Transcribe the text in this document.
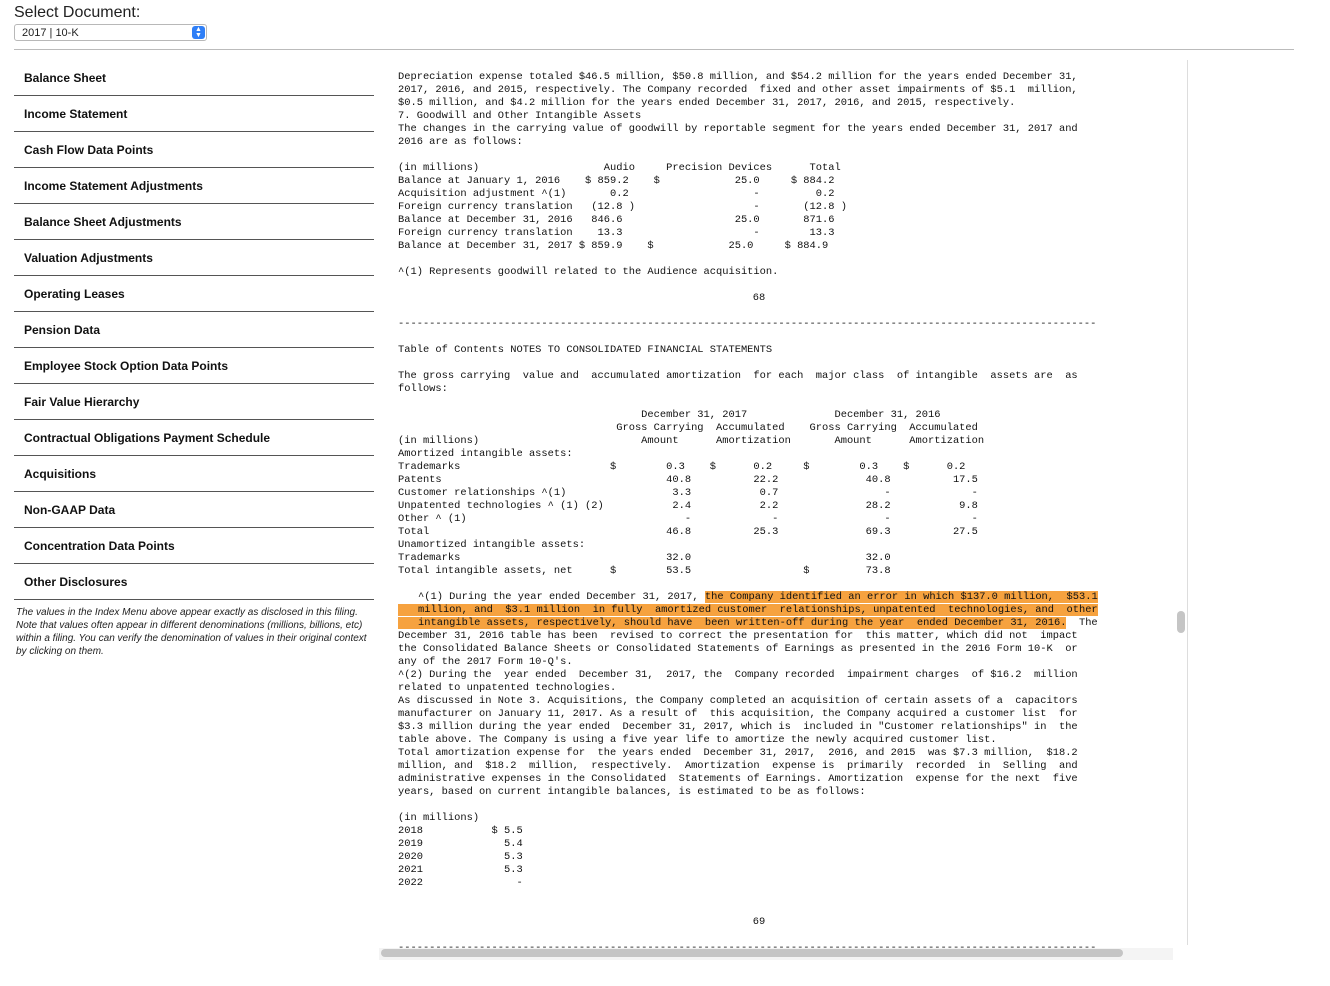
Select Document:
2017 | 10-K	▲
▼
Balance Sheet
Income Statement
Cash Flow Data Points
Income Statement Adjustments
Balance Sheet Adjustments
Valuation Adjustments
Operating Leases
Pension Data
Employee Stock Option Data Points
Fair Value Hierarchy
Contractual Obligations Payment Schedule
Acquisitions
Non-GAAP Data
Concentration Data Points
Other Disclosures
The values in the Index Menu above appear exactly as disclosed in this filing. Note that values often appear in different denominations (millions, billions, etc) within a filing. You can verify the denomination of values in their original context by clicking on them.

Depreciation expense totaled $46.5 million, $50.8 million, and $54.2 million for the years ended December 31,

2017, 2016, and 2015, respectively. The Company recorded  fixed and other asset impairments of $5.1  million,

$0.5 million, and $4.2 million for the years ended December 31, 2017, 2016, and 2015, respectively.

7. Goodwill and Other Intangible Assets

The changes in the carrying value of goodwill by reportable segment for the years ended December 31, 2017 and

2016 are as follows:

(in millions)                    Audio     Precision Devices      Total

Balance at January 1, 2016    $ 859.2    $            25.0     $ 884.2

Acquisition adjustment ^(1)       0.2                    -         0.2

Foreign currency translation   (12.8 )                   -       (12.8 )

Balance at December 31, 2016   846.6                  25.0       871.6

Foreign currency translation    13.3                     -        13.3

Balance at December 31, 2017 $ 859.9    $            25.0     $ 884.9

^(1) Represents goodwill related to the Audience acquisition.

68

----------------------------------------------------------------------------------------------------------------

Table of Contents NOTES TO CONSOLIDATED FINANCIAL STATEMENTS

The gross carrying  value and  accumulated amortization  for each  major class  of intangible  assets are  as

follows:

December 31, 2017              December 31, 2016

Gross Carrying  Accumulated    Gross Carrying  Accumulated

(in millions)                          Amount      Amortization       Amount      Amortization

Amortized intangible assets:

Trademarks                        $        0.3    $      0.2     $        0.3    $      0.2

Patents                                    40.8          22.2              40.8          17.5

Customer relationships ^(1)                 3.3           0.7                 -             -

Unpatented technologies ^ (1) (2)           2.4           2.2              28.2           9.8

Other ^ (1)                                   -             -                 -             -

Total                                      46.8          25.3              69.3          27.5

Unamortized intangible assets:

Trademarks                                 32.0                            32.0

Total intangible assets, net      $        53.5                  $         73.8

^(1) During the year ended December 31, 2017, the Company identified an error in which $137.0 million,  $53.1

million, and  $3.1 million  in fully  amortized customer  relationships, unpatented  technologies, and  other

intangible assets, respectively, should have  been written-off during the year  ended December 31, 2016.  The

December 31, 2016 table has been  revised to correct the presentation for  this matter, which did not  impact

the Consolidated Balance Sheets or Consolidated Statements of Earnings as presented in the 2016 Form 10-K  or

any of the 2017 Form 10-Q's.

^(2) During the  year ended  December 31,  2017, the  Company recorded  impairment charges  of $16.2  million

related to unpatented technologies.

As discussed in Note 3. Acquisitions, the Company completed an acquisition of certain assets of a  capacitors

manufacturer on January 11, 2017. As a result of  this acquisition, the Company acquired a customer list  for

$3.3 million during the year ended  December 31, 2017, which is  included in "Customer relationships" in  the

table above. The Company is using a five year life to amortize the newly acquired customer list.

Total amortization expense for  the years ended  December 31, 2017,  2016, and 2015  was $7.3 million,  $18.2

million, and  $18.2  million,  respectively.  Amortization  expense is  primarily  recorded  in  Selling  and

administrative expenses in the Consolidated  Statements of Earnings. Amortization  expense for the next  five

years, based on current intangible balances, is estimated to be as follows:

(in millions)

2018           $ 5.5

2019             5.4

2020             5.3

2021             5.3

2022               -

69
